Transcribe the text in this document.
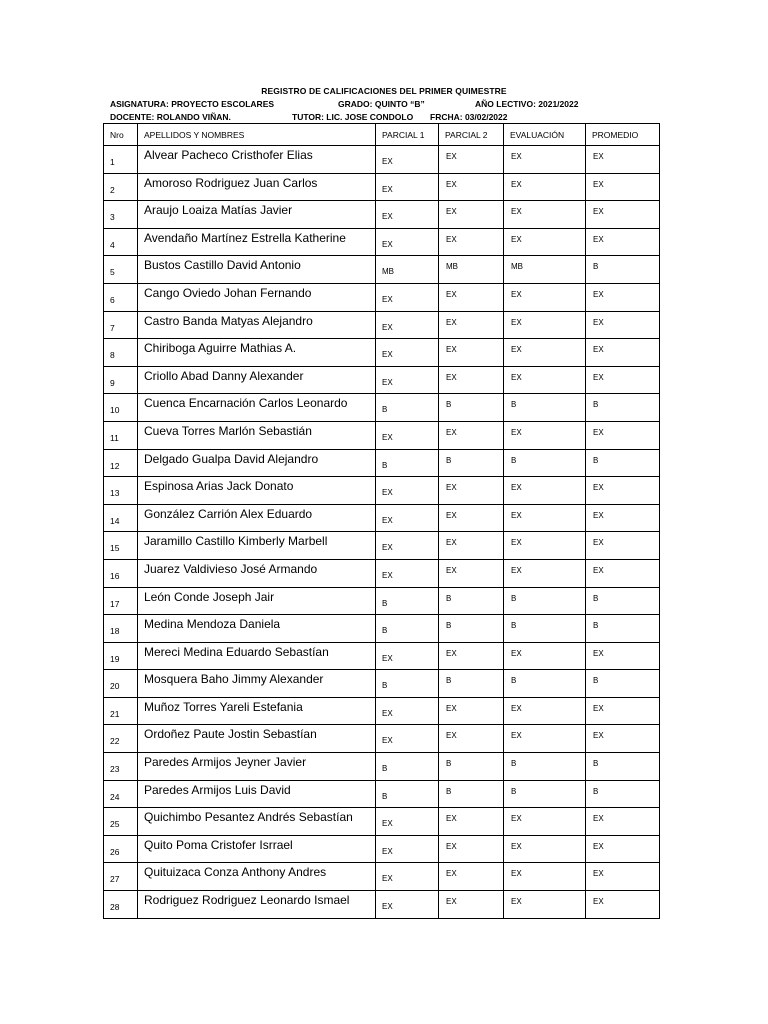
REGISTRO DE CALIFICACIONES DEL PRIMER QUIMESTRE
ASIGNATURA: PROYECTO ESCOLARES	GRADO: QUINTO “B”	AÑO LECTIVO: 2021/2022
DOCENTE: ROLANDO VIÑAN.	TUTOR: LIC. JOSE CONDOLO FRCHA: 03/02/2022
Nro	APELLIDOS Y NOMBRES	PARCIAL 1	PARCIAL 2	EVALUACIÓN	PROMEDIO

1	Alvear Pacheco Cristhofer Elias	EX	EX	EX	EX

2	Amoroso Rodriguez Juan Carlos	EX	EX	EX	EX

3	Araujo Loaiza Matías Javier	EX	EX	EX	EX

4	Avendaño Martínez Estrella Katherine	EX	EX	EX	EX

5	Bustos Castillo David Antonio	MB	MB	MB	B

6	Cango Oviedo Johan Fernando	EX	EX	EX	EX

7	Castro Banda Matyas Alejandro	EX	EX	EX	EX

8	Chiriboga Aguirre Mathias A.	EX	EX	EX	EX

9	Criollo Abad Danny Alexander	EX	EX	EX	EX

10	Cuenca Encarnación Carlos Leonardo	B	B	B	B

11	Cueva Torres Marlón Sebastián	EX	EX	EX	EX

12	Delgado Gualpa David Alejandro	B	B	B	B

13	Espinosa Arias Jack Donato	EX	EX	EX	EX

14	González Carrión Alex Eduardo	EX	EX	EX	EX

15	Jaramillo Castillo Kimberly Marbell	EX	EX	EX	EX

16	Juarez Valdivieso José Armando	EX	EX	EX	EX

17	León Conde Joseph Jair	B	B	B	B

18	Medina Mendoza Daniela	B	B	B	B

19	Mereci Medina Eduardo Sebastían	EX	EX	EX	EX

20	Mosquera Baho Jimmy Alexander	B	B	B	B

21	Muñoz Torres Yareli Estefania	EX	EX	EX	EX

22	Ordoñez Paute Jostin Sebastían	EX	EX	EX	EX

23	Paredes Armijos Jeyner Javier	B	B	B	B

24	Paredes Armijos Luis David	B	B	B	B

25	Quichimbo Pesantez Andrés Sebastían	EX	EX	EX	EX

26	Quito Poma Cristofer Isrrael	EX	EX	EX	EX

27	Quituizaca Conza Anthony Andres	EX	EX	EX	EX

28	Rodriguez Rodriguez Leonardo Ismael	EX	EX	EX	EX
